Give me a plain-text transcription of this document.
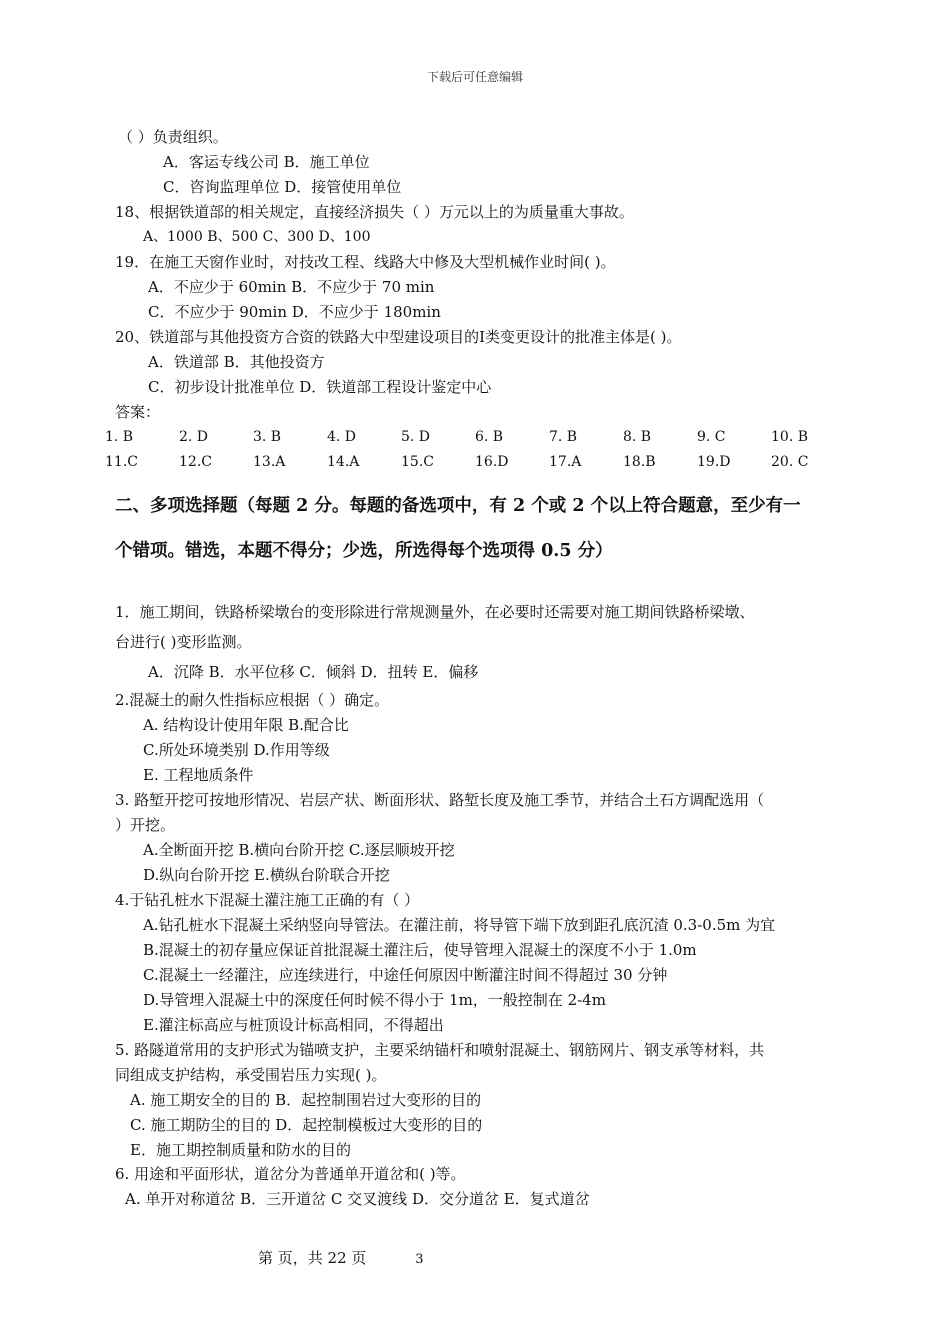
下载后可任意编辑
（ ）负责组织。
A．客运专线公司 B．施工单位
C．咨询监理单位 D．接管使用单位
18、根据铁道部的相关规定，直接经济损失（ ）万元以上的为质量重大事故。
A、1000 B、500 C、300 D、100
19．在施工天窗作业时，对技改工程、线路大中修及大型机械作业时间( )。
A．不应少于 60min B．不应少于 70 min
C．不应少于 90min D．不应少于 180min
20、铁道部与其他投资方合资的铁路大中型建设项目的Ⅰ类变更设计的批准主体是( )。
A．铁道部 B．其他投资方
C．初步设计批准单位 D．铁道部工程设计鉴定中心
答案：
1. B	2. D	3. B	4. D	5. D	6. B	7. B	8. B	9. C	10. B
11.C	12.C	13.A	14.A	15.C	16.D	17.A	18.B	19.D	20. C
二、多项选择题（每题 2 分。每题的备选项中，有 2 个或 2 个以上符合题意，至少有一
个错项。错选，本题不得分；少选，所选得每个选项得 0.5 分）
1．施工期间，铁路桥梁墩台的变形除进行常规测量外，在必要时还需要对施工期间铁路桥梁墩、
台进行( )变形监测。
A．沉降 B．水平位移 C．倾斜 D．扭转 E．偏移
2.混凝土的耐久性指标应根据（ ）确定。
A. 结构设计使用年限 B.配合比
C.所处环境类别 D.作用等级
E. 工程地质条件
3. 路堑开挖可按地形情况、岩层产状、断面形状、路堑长度及施工季节，并结合土石方调配选用（
）开挖。
A.全断面开挖 B.横向台阶开挖 C.逐层顺坡开挖
D.纵向台阶开挖 E.横纵台阶联合开挖
4.于钻孔桩水下混凝土灌注施工正确的有（ ）
A.钻孔桩水下混凝土采纳竖向导管法。在灌注前，将导管下端下放到距孔底沉渣 0.3-0.5m 为宜
B.混凝土的初存量应保证首批混凝土灌注后，使导管埋入混凝土的深度不小于 1.0m
C.混凝土一经灌注，应连续进行，中途任何原因中断灌注时间不得超过 30 分钟
D.导管埋入混凝土中的深度任何时候不得小于 1m，一般控制在 2-4m
E.灌注标高应与桩顶设计标高相同，不得超出
5. 路隧道常用的支护形式为锚喷支护，主要采纳锚杆和喷射混凝土、钢筋网片、钢支承等材料，共
同组成支护结构，承受围岩压力实现( )。
A. 施工期安全的目的 B．起控制围岩过大变形的目的
C. 施工期防尘的目的 D．起控制模板过大变形的目的
E．施工期控制质量和防水的目的
6. 用途和平面形状，道岔分为普通单开道岔和( )等。
A. 单开对称道岔 B．三开道岔 C 交叉渡线 D．交分道岔 E．复式道岔
第 页，共 22 页	3
